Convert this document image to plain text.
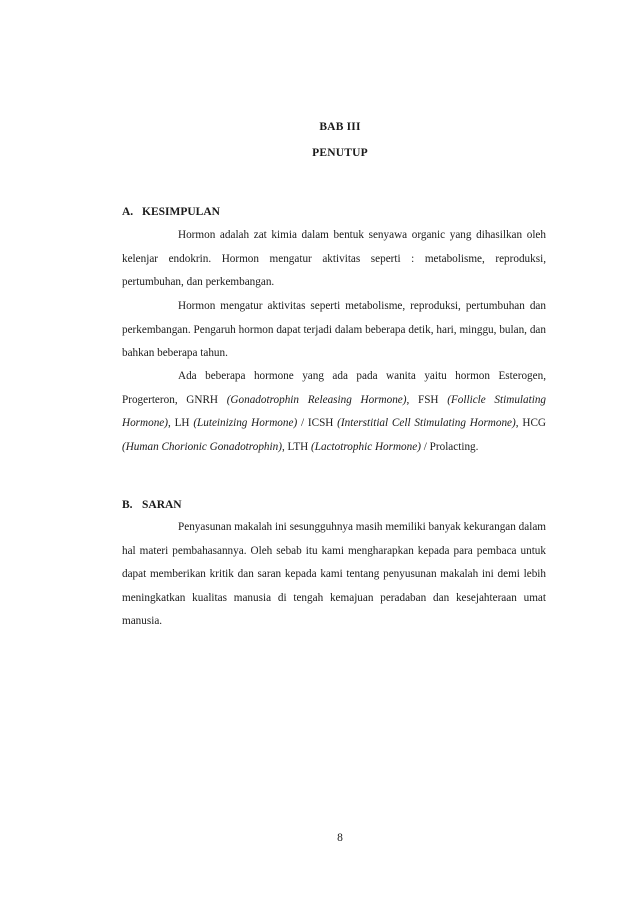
BAB III
PENUTUP
A. KESIMPULAN

Hormon adalah zat kimia dalam bentuk senyawa organic yang dihasilkan oleh kelenjar endokrin. Hormon mengatur aktivitas seperti : metabolisme, reproduksi, pertumbuhan, dan perkembangan.

Hormon mengatur aktivitas seperti metabolisme, reproduksi, pertumbuhan dan perkembangan. Pengaruh hormon dapat terjadi dalam beberapa detik, hari, minggu, bulan, dan bahkan beberapa tahun.

Ada beberapa hormone yang ada pada wanita yaitu hormon Esterogen, Progerteron, GNRH (Gonadotrophin Releasing Hormone), FSH (Follicle Stimulating Hormone), LH (Luteinizing Hormone) / ICSH (Interstitial Cell Stimulating Hormone), HCG (Human Chorionic Gonadotrophin), LTH (Lactotrophic Hormone) / Prolacting.

B. SARAN

Penyasunan makalah ini sesungguhnya masih memiliki banyak kekurangan dalam hal materi pembahasannya. Oleh sebab itu kami mengharapkan kepada para pembaca untuk dapat memberikan kritik dan saran kepada kami tentang penyusunan makalah ini demi lebih meningkatkan kualitas manusia di tengah kemajuan peradaban dan kesejahteraan umat manusia.

8
